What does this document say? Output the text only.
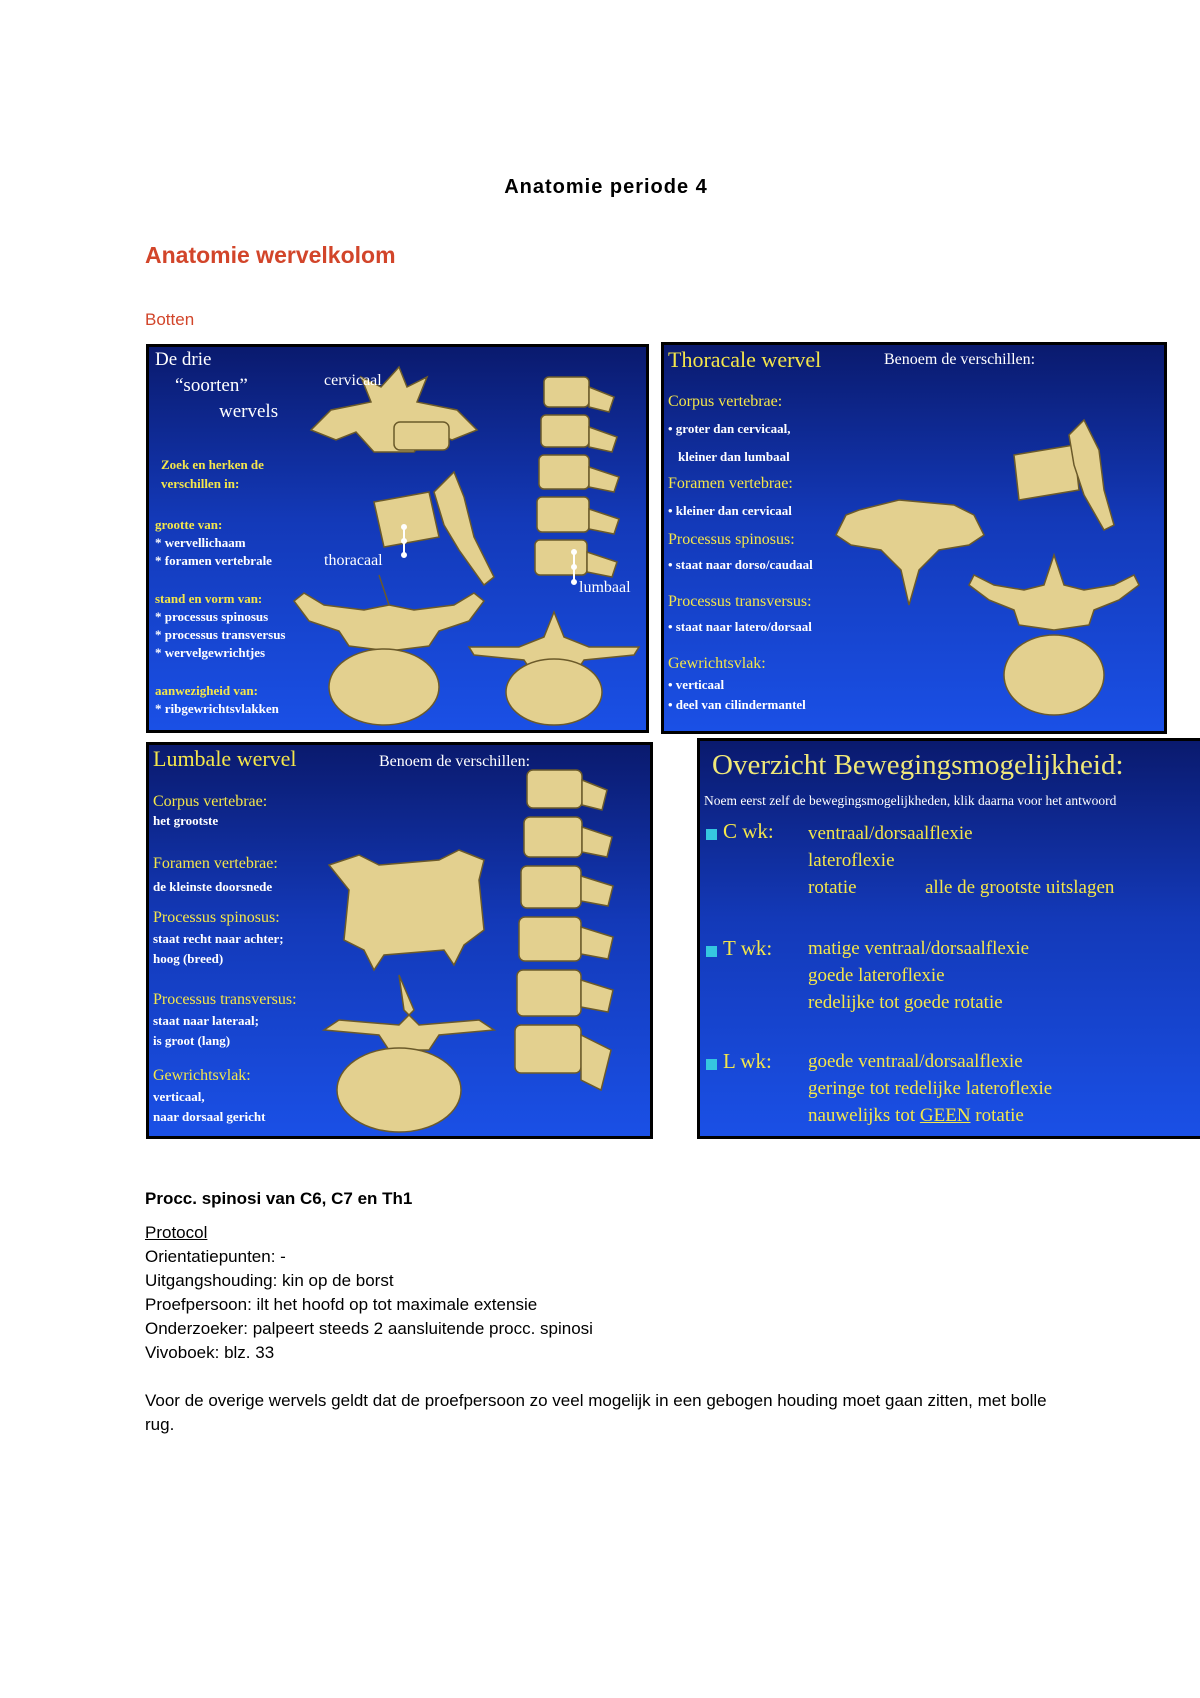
Anatomie periode 4
Anatomie wervelkolom
Botten
De drie
“soorten”
wervels
cervicaal
thoracaal
lumbaal
Zoek en herken de
verschillen in:
grootte van:
* wervellichaam
* foramen vertebrale
stand en vorm van:
* processus spinosus
* processus transversus
* wervelgewrichtjes
aanwezigheid van:
* ribgewrichtsvlakken
Thoracale wervel	Benoem de verschillen:
Corpus vertebrae:
• groter dan cervicaal,
kleiner dan lumbaal
Foramen vertebrae:
• kleiner dan cervicaal
Processus spinosus:
• staat naar dorso/caudaal
Processus transversus:
• staat naar latero/dorsaal
Gewrichtsvlak:
• verticaal
• deel van cilindermantel
Lumbale wervel	Benoem de verschillen:
Corpus vertebrae:
het grootste
Foramen vertebrae:
de kleinste doorsnede
Processus spinosus:
staat recht naar achter;
hoog (breed)
Processus transversus:
staat naar lateraal;
is groot (lang)
Gewrichtsvlak:
verticaal,
naar dorsaal gericht
Overzicht Bewegingsmogelijkheid:
Noem eerst zelf de bewegingsmogelijkheden, klik daarna voor het antwoord
C wk: ventraal/dorsaalflexie
lateroflexie
rotatie	alle de grootste uitslagen
T wk: matige ventraal/dorsaalflexie
goede lateroflexie
redelijke tot goede rotatie
L wk: goede ventraal/dorsaalflexie
geringe tot redelijke lateroflexie
nauwelijks tot GEEN rotatie
Procc. spinosi van C6, C7 en Th1
Protocol
Orientatiepunten: -
Uitgangshouding: kin op de borst
Proefpersoon: ilt het hoofd op tot maximale extensie
Onderzoeker: palpeert steeds 2 aansluitende procc. spinosi
Vivoboek: blz. 33
Voor de overige wervels geldt dat de proefpersoon zo veel mogelijk in een gebogen houding moet gaan zitten, met bolle rug.
